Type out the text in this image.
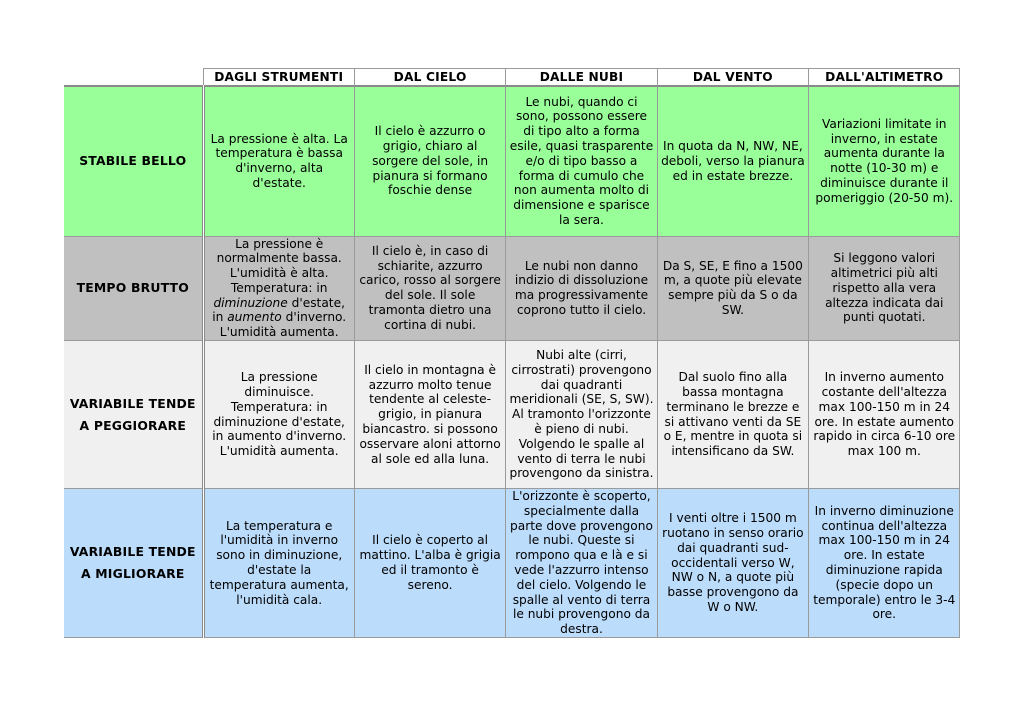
	DAGLI STRUMENTI	DAL CIELO	DALLE NUBI	DAL VENTO	DALL'ALTIMETRO
STABILE BELLO	La pressione è alta. La temperatura è bassa d'inverno, alta d'estate.	Il cielo è azzurro o grigio, chiaro al sorgere del sole, in pianura si formano foschie dense	Le nubi, quando ci sono, possono essere di tipo alto a forma esile, quasi trasparente e/o di tipo basso a forma di cumulo che non aumenta molto di dimensione e sparisce la sera.	In quota da N, NW, NE, deboli, verso la pianura ed in estate brezze.	Variazioni limitate in inverno, in estate aumenta durante la notte (10-30 m) e diminuisce durante il pomeriggio (20-50 m).
TEMPO BRUTTO	La pressione è normalmente bassa. L'umidità è alta. Temperatura: in diminuzione d'estate, in aumento d'inverno. L'umidità aumenta.	Il cielo è, in caso di schiarite, azzurro carico, rosso al sorgere del sole. Il sole tramonta dietro una cortina di nubi.	Le nubi non danno indizio di dissoluzione ma progressivamente coprono tutto il cielo.	Da S, SE, E fino a 1500 m, a quote più elevate sempre più da S o da SW.	Si leggono valori altimetrici più alti rispetto alla vera altezza indicata dai punti quotati.
VARIABILE TENDE A PEGGIORARE	La pressione diminuisce. Temperatura: in diminuzione d'estate, in aumento d'inverno. L'umidità aumenta.	Il cielo in montagna è azzurro molto tenue tendente al celeste-grigio, in pianura biancastro. si possono osservare aloni attorno al sole ed alla luna.	Nubi alte (cirri, cirrostrati) provengono dai quadranti meridionali (SE, S, SW). Al tramonto l'orizzonte è pieno di nubi. Volgendo le spalle al vento di terra le nubi provengono da sinistra.	Dal suolo fino alla bassa montagna terminano le brezze e si attivano venti da SE o E, mentre in quota si intensificano da SW.	In inverno aumento costante dell'altezza max 100-150 m in 24 ore. In estate aumento rapido in circa 6-10 ore max 100 m.
VARIABILE TENDE A MIGLIORARE	La temperatura e l'umidità in inverno sono in diminuzione, d'estate la temperatura aumenta, l'umidità cala.	Il cielo è coperto al mattino. L'alba è grigia ed il tramonto è sereno.	L'orizzonte è scoperto, specialmente dalla parte dove provengono le nubi. Queste si rompono qua e là e si vede l'azzurro intenso del cielo. Volgendo le spalle al vento di terra le nubi provengono da destra.	I venti oltre i 1500 m ruotano in senso orario dai quadranti sud-occidentali verso W, NW o N, a quote più basse provengono da W o NW.	In inverno diminuzione continua dell'altezza max 100-150 m in 24 ore. In estate diminuzione rapida (specie dopo un temporale) entro le 3-4 ore.
